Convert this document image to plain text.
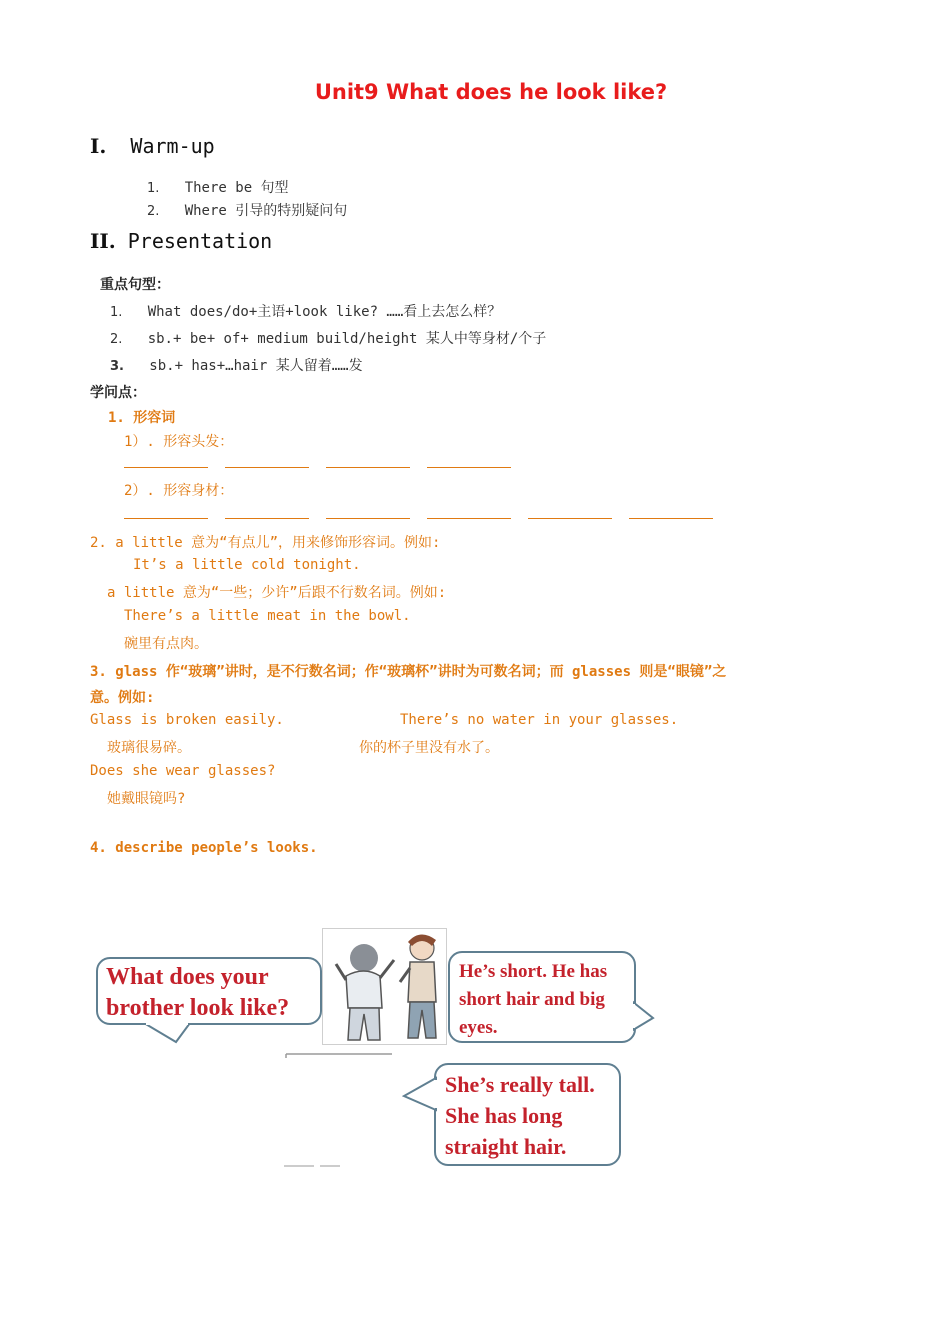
Unit9 What does he look like?
I. Warm-up
1. There be 句型
2. Where 引导的特别疑问句
II. Presentation
重点句型：
1. What does/do+主语+look like? ……看上去怎么样？
2. sb.+ be+ of+ medium build/height 某人中等身材/个子
3. sb.+ has+…hair 某人留着……发
学问点：
1. 形容词
1）. 形容头发：
2）. 形容身材：
2. a little 意为“有点儿”，用来修饰形容词。例如:
It’s a little cold tonight.
a little 意为“一些；少许”后跟不行数名词。例如:
There’s a little meat in the bowl.
碗里有点肉。
3. glass 作“玻璃”讲时，是不行数名词；作“玻璃杯”讲时为可数名词；而 glasses 则是“眼镜”之
意。例如:
Glass is broken easily.	There’s no water in your glasses.
玻璃很易碎。	你的杯子里没有水了。
Does she wear glasses?
她戴眼镜吗?
4. describe people’s looks.
What does your
brother look like?
He’s short. He has
short hair and big
eyes.
She’s really tall.
She has long
straight hair.
